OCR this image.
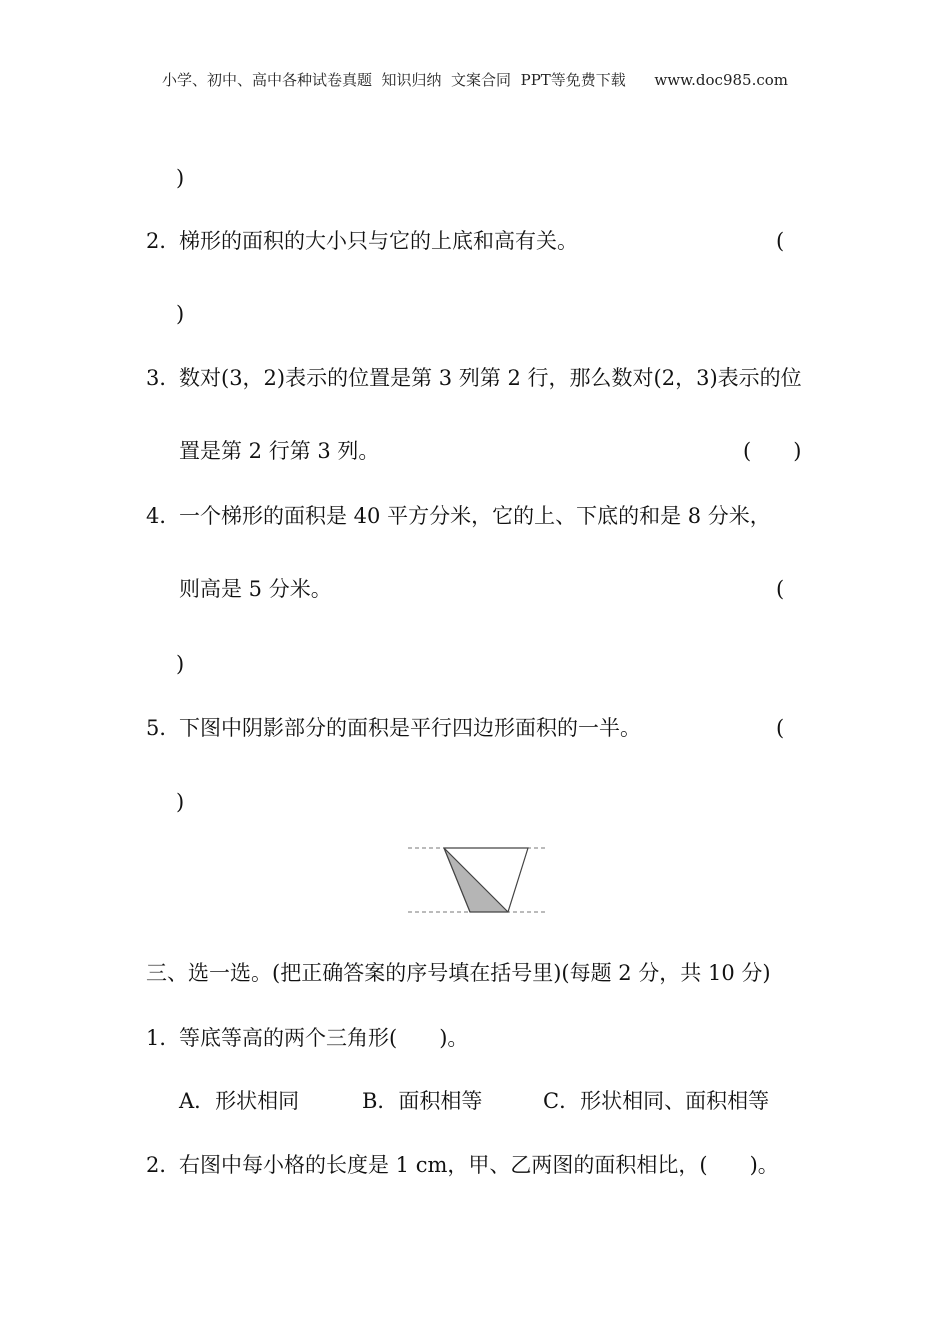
小学、初中、高中各种试卷真题  知识归纳  文案合同  PPT等免费下载 www.doc985.com
)
2．
梯形的面积的大小只与它的上底和高有关。	(
)
3．
数对(3，2)表示的位置是第 3 列第 2 行，那么数对(2，3)表示的位
置是第 2 行第 3 列。	(　　)
4．
一个梯形的面积是 40 平方分米，它的上、下底的和是 8 分米，
则高是 5 分米。	(
)
5．
下图中阴影部分的面积是平行四边形面积的一半。	(
)
三、选一选。(把正确答案的序号填在括号里)(每题 2 分，共 10 分)
1．
等底等高的两个三角形(　　)。
A．形状相同	B．面积相等	C．形状相同、面积相等
2．
右图中每小格的长度是 1 cm，甲、乙两图的面积相比，(　　)。
